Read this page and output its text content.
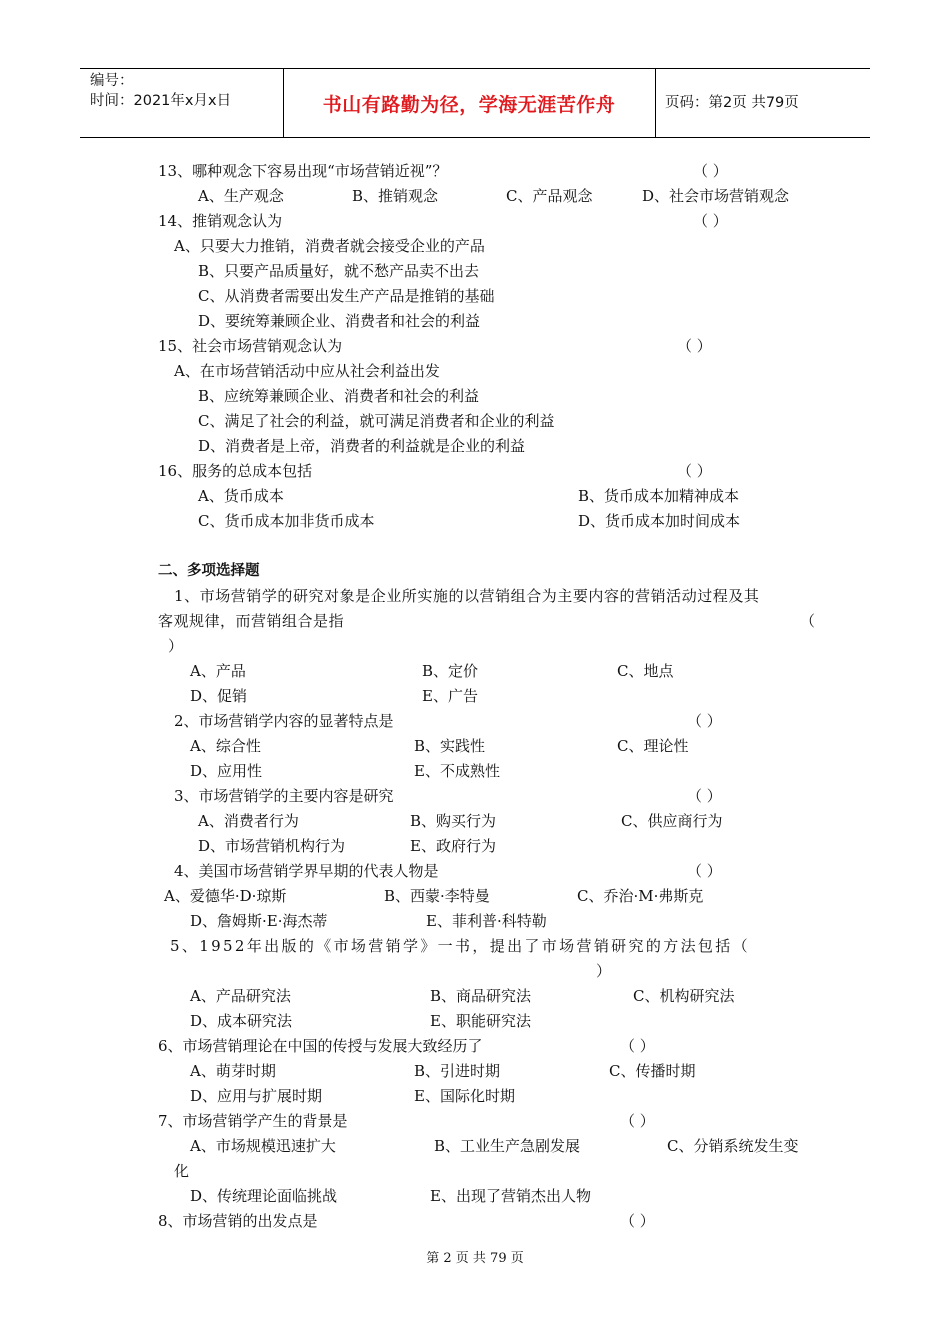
编号：
时间：2021年x月x日	书山有路勤为径，学海无涯苦作舟	页码：第2页 共79页
13、哪种观念下容易出现“市场营销近视”？	（ ）
A、生产观念	B、推销观念	C、产品观念	D、社会市场营销观念
14、推销观念认为	（ ）
A、只要大力推销，消费者就会接受企业的产品
B、只要产品质量好，就不愁产品卖不出去
C、从消费者需要出发生产产品是推销的基础
D、要统筹兼顾企业、消费者和社会的利益
15、社会市场营销观念认为	（ ）
A、在市场营销活动中应从社会利益出发
B、应统筹兼顾企业、消费者和社会的利益
C、满足了社会的利益，就可满足消费者和企业的利益
D、消费者是上帝，消费者的利益就是企业的利益
16、服务的总成本包括	（ ）
A、货币成本	B、货币成本加精神成本
C、货币成本加非货币成本	D、货币成本加时间成本
二、多项选择题
1、市场营销学的研究对象是企业所实施的以营销组合为主要内容的营销活动过程及其
客观规律，而营销组合是指	（
）
A、产品	B、定价	C、地点
D、促销	E、广告
2、市场营销学内容的显著特点是	（ ）
A、综合性	B、实践性	C、理论性
D、应用性	E、不成熟性
3、市场营销学的主要内容是研究	（ ）
A、消费者行为	B、购买行为	C、供应商行为
D、市场营销机构行为	E、政府行为
4、美国市场营销学界早期的代表人物是	（ ）
A、爱德华·D·琼斯	B、西蒙·李特曼	C、乔治·M·弗斯克
D、詹姆斯·E·海杰蒂	E、菲利普·科特勒
5、1952年出版的《市场营销学》一书，提出了市场营销研究的方法包括（
）
A、产品研究法	B、商品研究法	C、机构研究法
D、成本研究法	E、职能研究法
6、市场营销理论在中国的传授与发展大致经历了	（ ）
A、萌芽时期	B、引进时期	C、传播时期
D、应用与扩展时期	E、国际化时期
7、市场营销学产生的背景是	（ ）
A、市场规模迅速扩大	B、工业生产急剧发展	C、分销系统发生变
化
D、传统理论面临挑战	E、出现了营销杰出人物
8、市场营销的出发点是	（ ）
第 2 页 共 79 页
